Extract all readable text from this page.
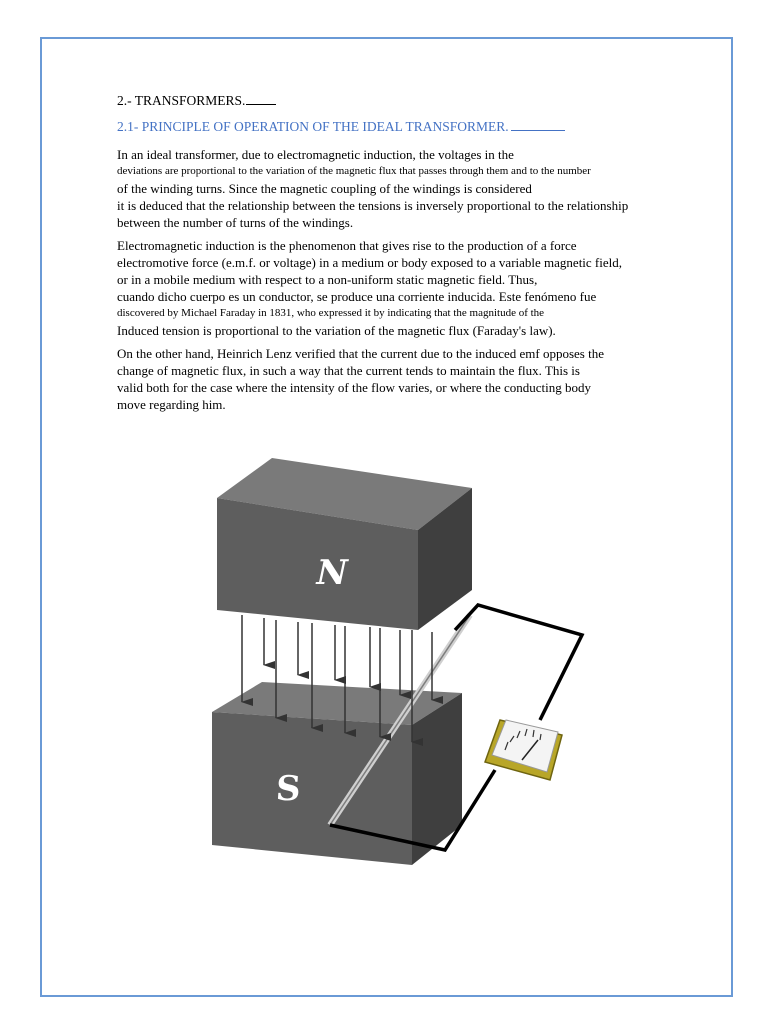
2.- TRANSFORMERS.
2.1- PRINCIPLE OF OPERATION OF THE IDEAL TRANSFORMER.
In an ideal transformer, due to electromagnetic induction, the voltages in the
deviations are proportional to the variation of the magnetic flux that passes through them and to the number
of the winding turns. Since the magnetic coupling of the windings is considered
it is deduced that the relationship between the tensions is inversely proportional to the relationship
between the number of turns of the windings.
Electromagnetic induction is the phenomenon that gives rise to the production of a force
electromotive force (e.m.f. or voltage) in a medium or body exposed to a variable magnetic field,
or in a mobile medium with respect to a non-uniform static magnetic field. Thus,
cuando dicho cuerpo es un conductor, se produce una corriente inducida. Este fenómeno fue
discovered by Michael Faraday in 1831, who expressed it by indicating that the magnitude of the
Induced tension is proportional to the variation of the magnetic flux (Faraday's law).
On the other hand, Heinrich Lenz verified that the current due to the induced emf opposes the
change of magnetic flux, in such a way that the current tends to maintain the flux. This is
valid both for the case where the intensity of the flow varies, or where the conducting body
move regarding him.
S
N
